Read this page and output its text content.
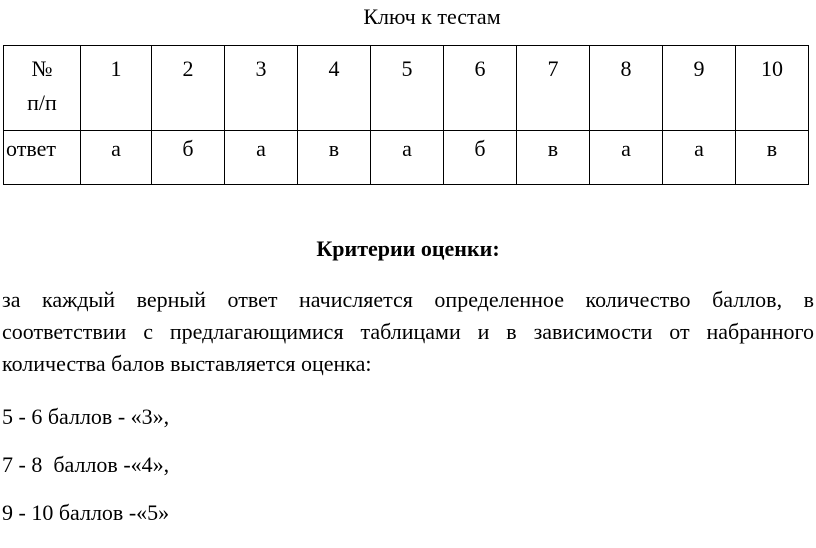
Ключ к тестам
№
п/п	1	2	3	4	5	6	7	8	9	10
ответ	а	б	а	в	а	б	в	а	а	в
Критерии оценки:

за каждый верный ответ начисляется определенное количество баллов, в соответствии с предлагающимися таблицами и в зависимости от набранного количества балов выставляется оценка:

5 - 6 баллов - «3»,
7 - 8  баллов -«4»,
9 - 10 баллов -«5»
